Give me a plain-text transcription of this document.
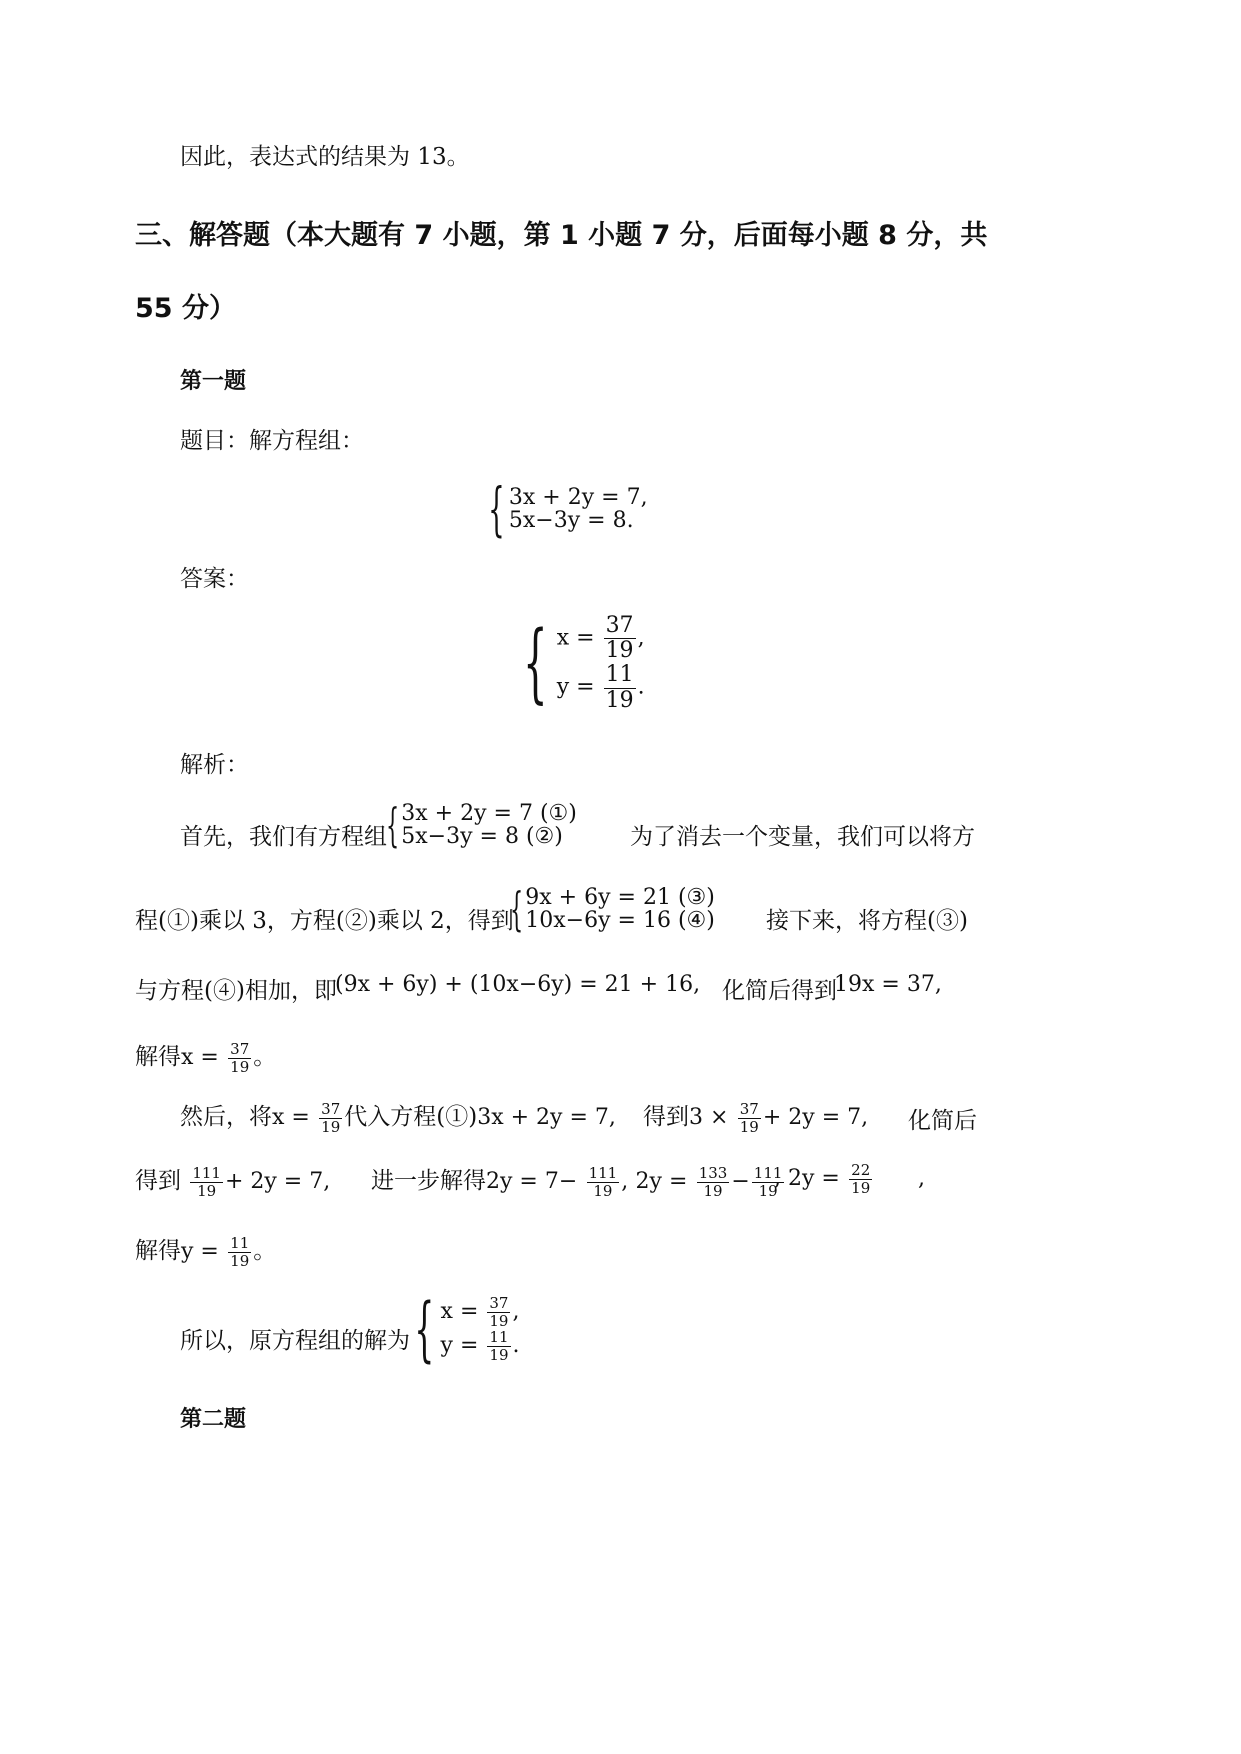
因此，表达式的结果为 13。
三、解答题（本大题有 7 小题，第 1 小题 7 分，后面每小题 8 分，共
55 分）
第一题
题目：解方程组：
{ 3x + 2y = 7,
5x−3y = 8.
答案：
{ $x = \frac{37}{19}$ ,
$y = \frac{11}{19}$ .
解析：
首先，我们有方程组 { 3x + 2y = 7 (①)
5x−3y = 8 (②)	为了消去一个变量，我们可以将方
程(①)乘以 3，方程(②)乘以 2，得到
{ 9x + 6y = 21 (③)
10x−6y = 16 (④) 接下来，将方程(③)
与方程(④)相加，即
(9x + 6y) + (10x−6y) = 21 + 16, 化简后得到
19x = 37,
解得$x = \frac{37}{19}$ 。
然后，将$x = \frac{37}{19}$ 代入方程(①)3x + 2y = 7, 得到$3 \times \frac{37}{19} + 2y = 7$, 化简后
得到 $\frac{111}{19} + 2y = 7$, 进一步解得$2y = 7- \frac{111}{19}$ , $2y = \frac{133}{19} - \frac{111}{19}$
, $2y = \frac{22}{19}$ ,
解得$y = \frac{11}{19}$ 。
所以，原方程组的解为 { $x = \frac{37}{19}$ ,
$y = \frac{11}{19}$ .
第二题
